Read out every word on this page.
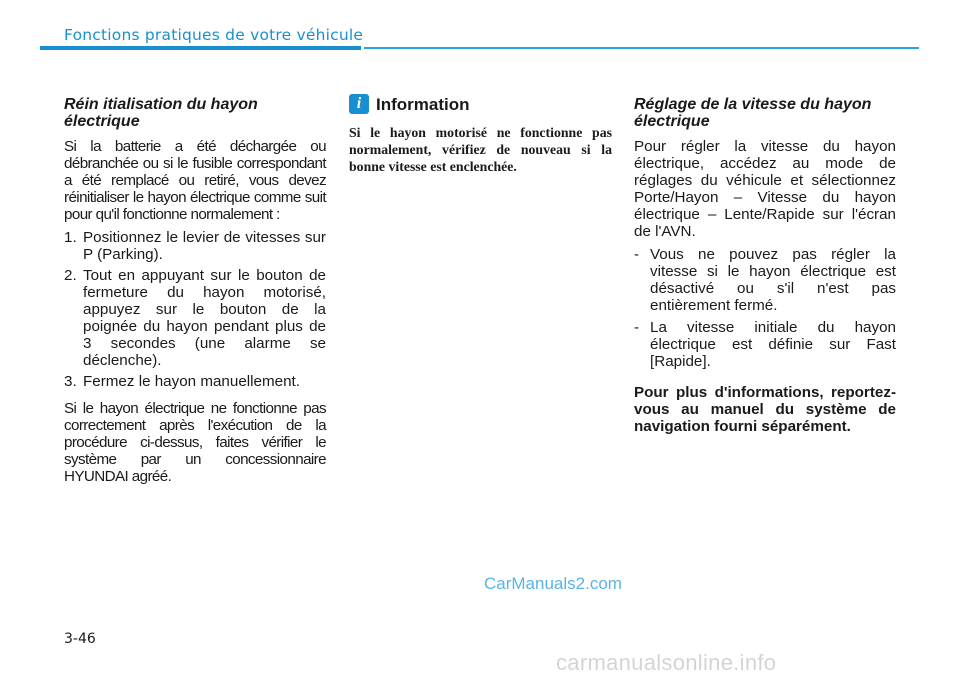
Fonctions pratiques de votre véhicule
Réin itialisation du hayon
électrique

Si la batterie a été déchargée ou débranchée ou si le fusible correspondant a été remplacé ou retiré, vous devez réinitialiser le hayon électrique comme suit pour qu'il fonctionne normalement :

1. Positionnez le levier de vitesses sur P (Parking).
2. Tout en appuyant sur le bouton de fermeture du hayon motorisé, appuyez sur le bouton de la poignée du hayon pendant plus de 3 secondes (une alarme se déclenche).
3. Fermez le hayon manuellement.

Si le hayon électrique ne fonctionne pas correctement après l'exécution de la procédure ci-dessus, faites vérifier le système par un concessionnaire HYUNDAI agréé.

i Information

Si le hayon motorisé ne fonctionne pas normalement, vérifiez de nouveau si la bonne vitesse est enclenchée.

Réglage de la vitesse du hayon
électrique

Pour régler la vitesse du hayon électrique, accédez au mode de réglages du véhicule et sélectionnez Porte/Hayon – Vitesse du hayon électrique – Lente/Rapide sur l'écran de l'AVN.

- Vous ne pouvez pas régler la vitesse si le hayon électrique est désactivé ou s'il n'est pas entièrement fermé.
- La vitesse initiale du hayon électrique est définie sur Fast [Rapide].

Pour plus d'informations, reportez-vous au manuel du système de navigation fourni séparément.

3-46
CarManuals2.com
carmanualsonline.info
